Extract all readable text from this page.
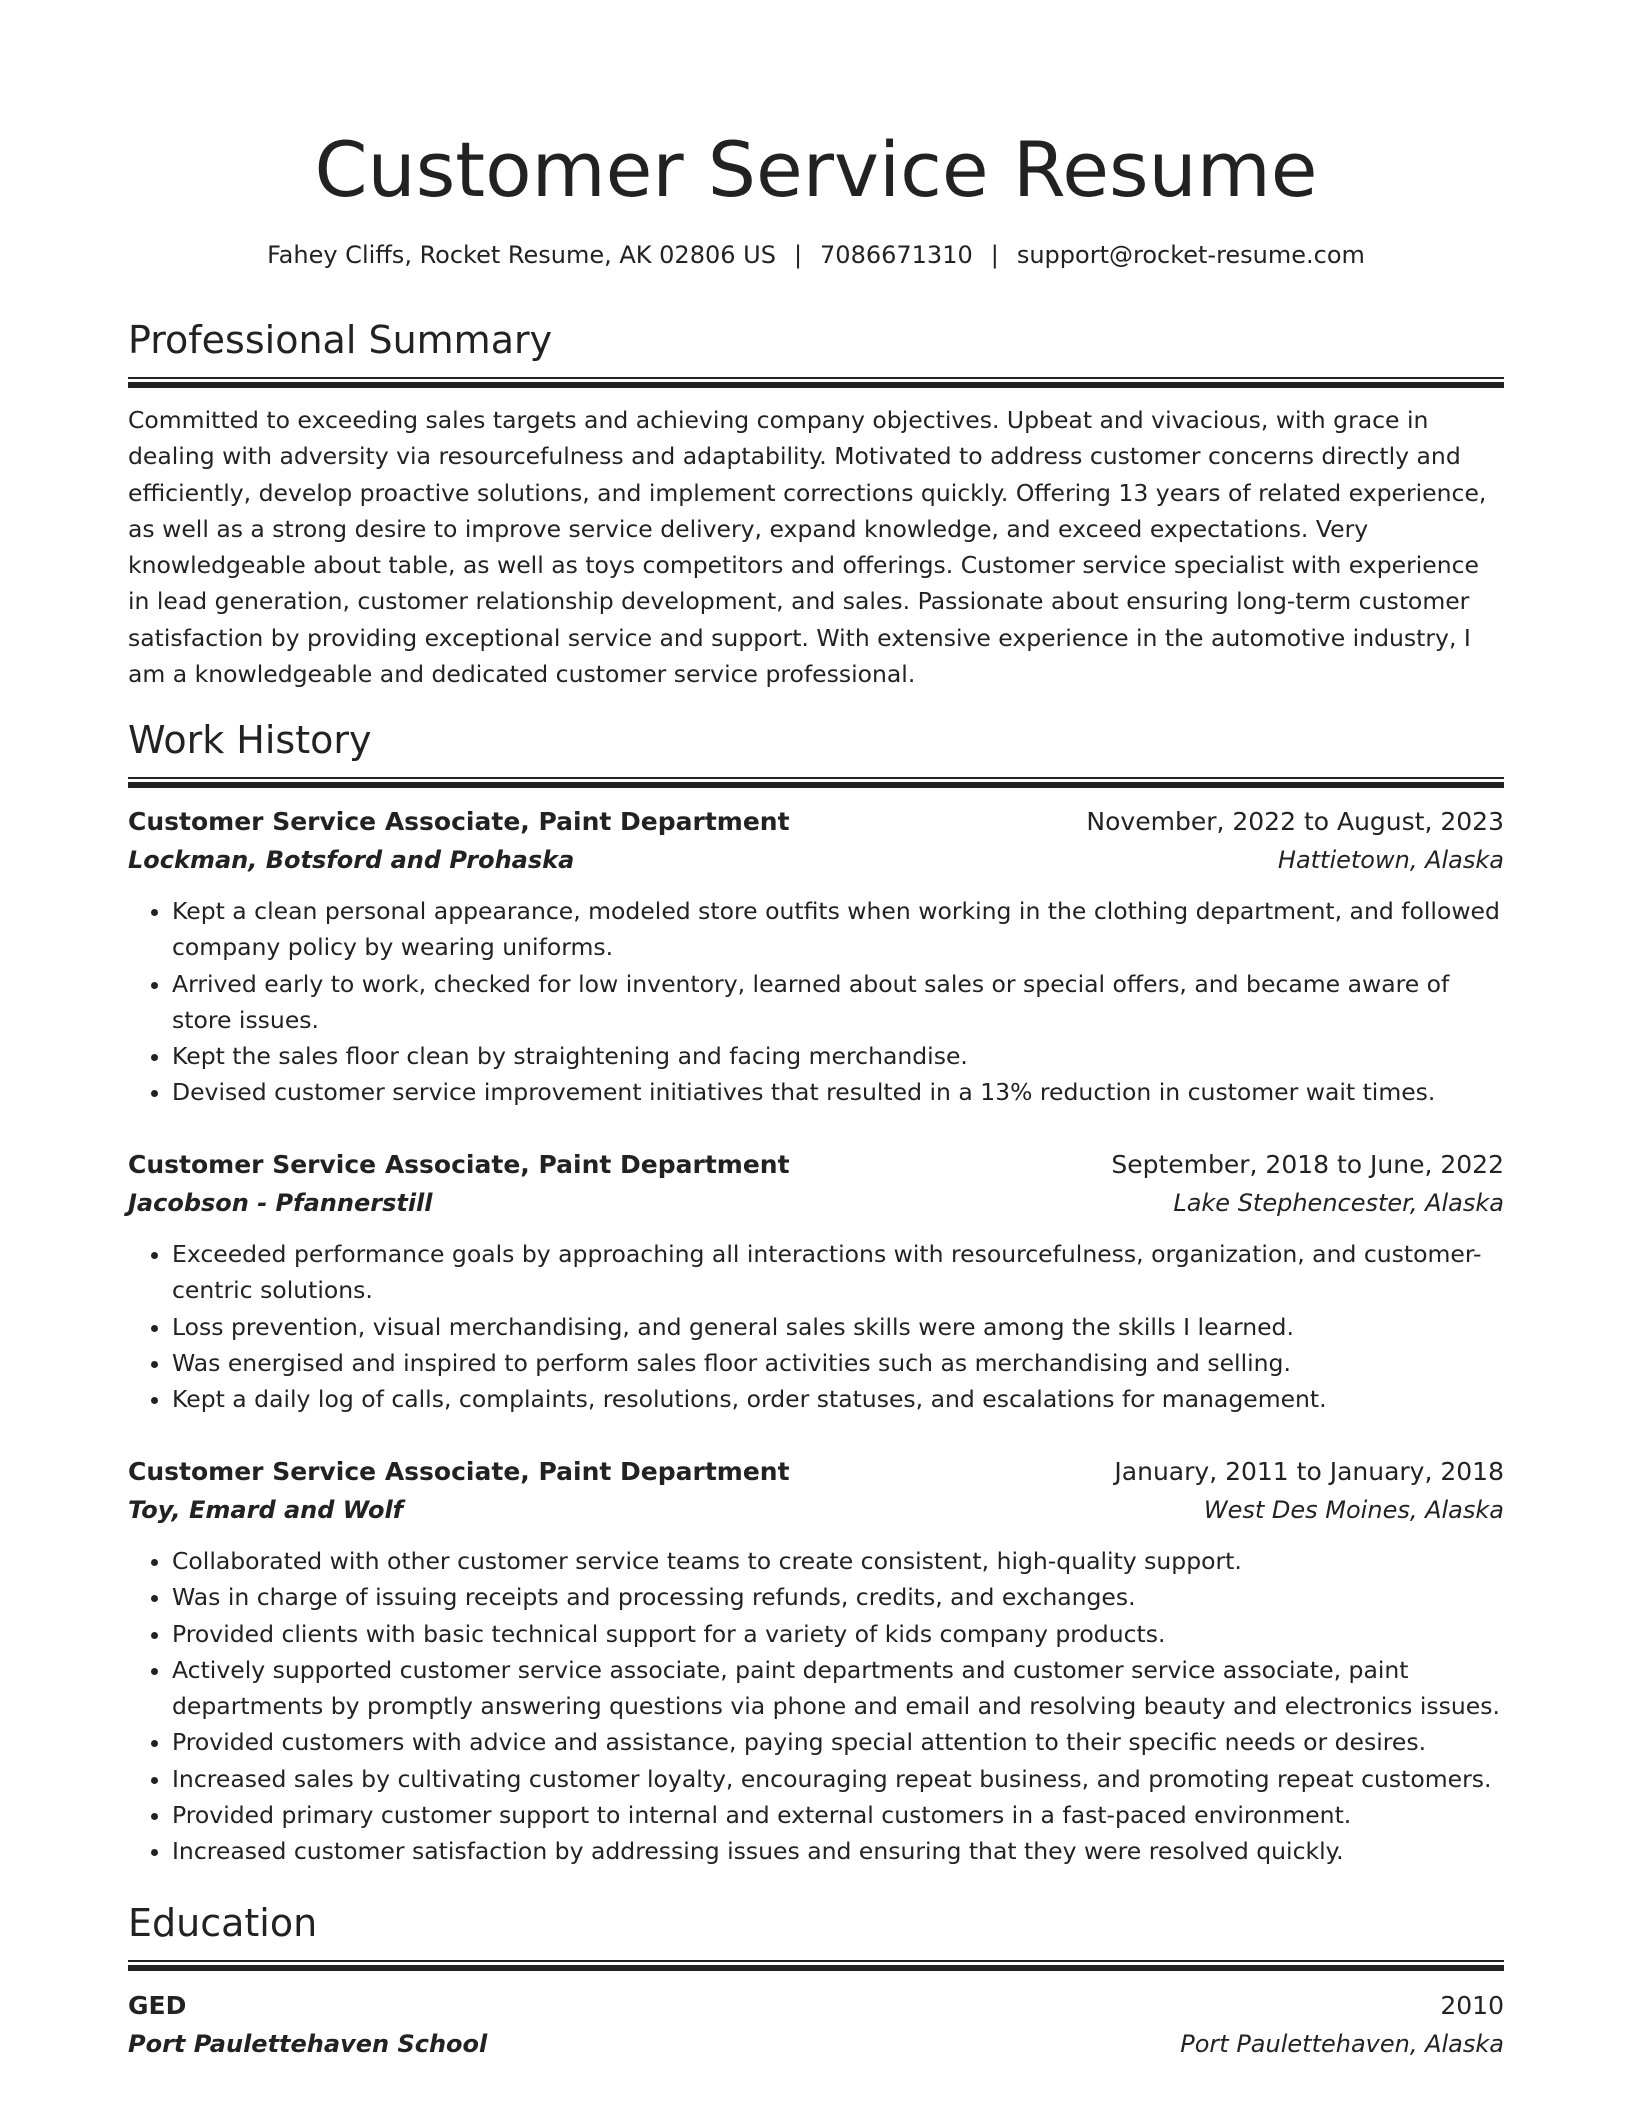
Customer Service Resume
Fahey Cliffs, Rocket Resume, AK 02806 US | 7086671310 | support@rocket-resume.com
Professional Summary
Committed to exceeding sales targets and achieving company objectives. Upbeat and vivacious, with grace in dealing with adversity via resourcefulness and adaptability. Motivated to address customer concerns directly and efficiently, develop proactive solutions, and implement corrections quickly. Offering 13 years of related experience, as well as a strong desire to improve service delivery, expand knowledge, and exceed expectations. Very knowledgeable about table, as well as toys competitors and offerings. Customer service specialist with experience in lead generation, customer relationship development, and sales. Passionate about ensuring long-term customer satisfaction by providing exceptional service and support. With extensive experience in the automotive industry, I am a knowledgeable and dedicated customer service professional.
Work History
Customer Service Associate, Paint Department	November, 2022 to August, 2023
Lockman, Botsford and Prohaska	Hattietown, Alaska
• Kept a clean personal appearance, modeled store outfits when working in the clothing department, and followed company policy by wearing uniforms.
• Arrived early to work, checked for low inventory, learned about sales or special offers, and became aware of store issues.
• Kept the sales floor clean by straightening and facing merchandise.
• Devised customer service improvement initiatives that resulted in a 13% reduction in customer wait times.
Customer Service Associate, Paint Department	September, 2018 to June, 2022
Jacobson - Pfannerstill	Lake Stephencester, Alaska
• Exceeded performance goals by approaching all interactions with resourcefulness, organization, and customer-centric solutions.
• Loss prevention, visual merchandising, and general sales skills were among the skills I learned.
• Was energised and inspired to perform sales floor activities such as merchandising and selling.
• Kept a daily log of calls, complaints, resolutions, order statuses, and escalations for management.
Customer Service Associate, Paint Department	January, 2011 to January, 2018
Toy, Emard and Wolf	West Des Moines, Alaska
• Collaborated with other customer service teams to create consistent, high-quality support.
• Was in charge of issuing receipts and processing refunds, credits, and exchanges.
• Provided clients with basic technical support for a variety of kids company products.
• Actively supported customer service associate, paint departments and customer service associate, paint departments by promptly answering questions via phone and email and resolving beauty and electronics issues.
• Provided customers with advice and assistance, paying special attention to their specific needs or desires.
• Increased sales by cultivating customer loyalty, encouraging repeat business, and promoting repeat customers.
• Provided primary customer support to internal and external customers in a fast-paced environment.
• Increased customer satisfaction by addressing issues and ensuring that they were resolved quickly.
Education
GED	2010
Port Paulettehaven School	Port Paulettehaven, Alaska
